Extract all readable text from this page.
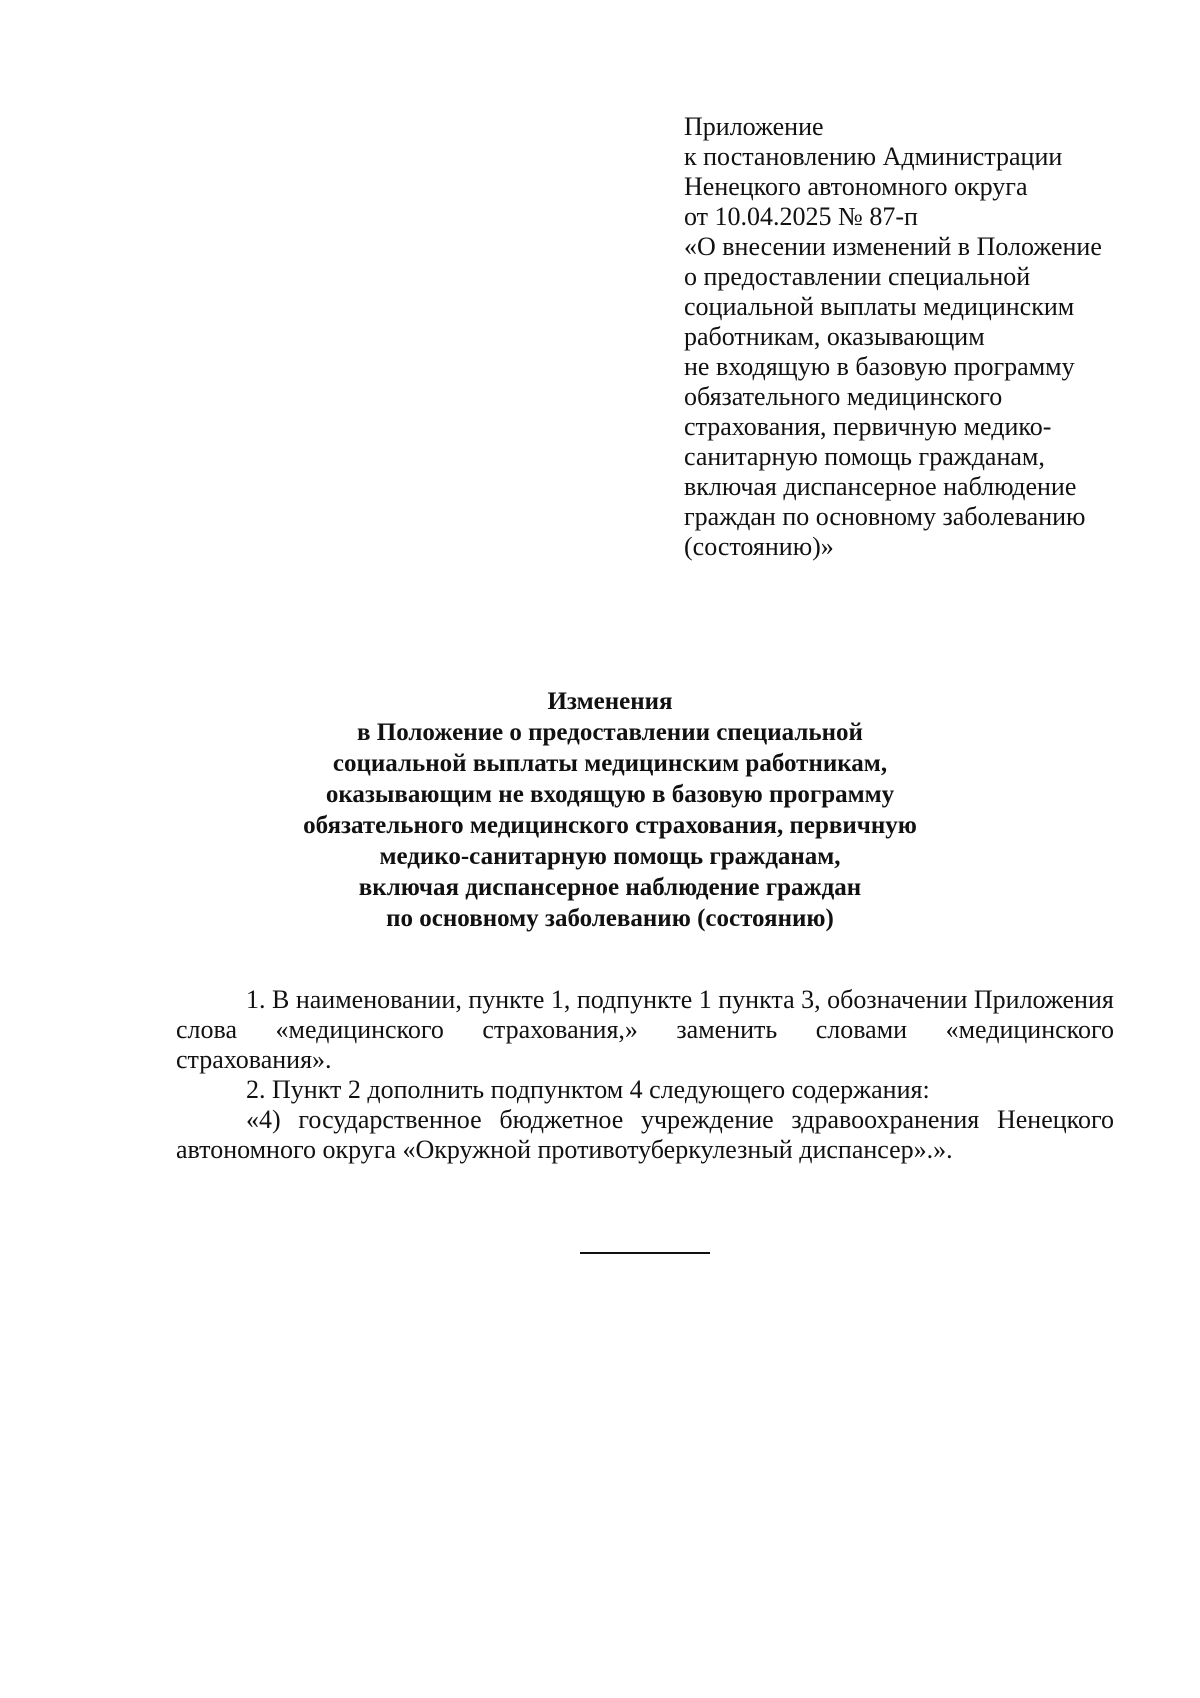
Приложение
к постановлению Администрации
Ненецкого автономного округа
от 10.04.2025 № 87-п
«О внесении изменений в Положение
о предоставлении специальной
социальной выплаты медицинским
работникам, оказывающим
не входящую в базовую программу
обязательного медицинского
страхования, первичную медико-
санитарную помощь гражданам,
включая диспансерное наблюдение
граждан по основному заболеванию
(состоянию)»
Изменения
в Положение о предоставлении специальной
социальной выплаты медицинским работникам,
оказывающим не входящую в базовую программу
обязательного медицинского страхования, первичную
медико-санитарную помощь гражданам,
включая диспансерное наблюдение граждан
по основному заболеванию (состоянию)
1. В наименовании, пункте 1, подпункте 1 пункта 3, обозначении Приложения
слова «медицинского страхования,» заменить словами «медицинского
страхования».

2. Пункт 2 дополнить подпунктом 4 следующего содержания:

«4) государственное бюджетное учреждение здравоохранения Ненецкого автономного округа «Окружной противотуберкулезный диспансер».».
